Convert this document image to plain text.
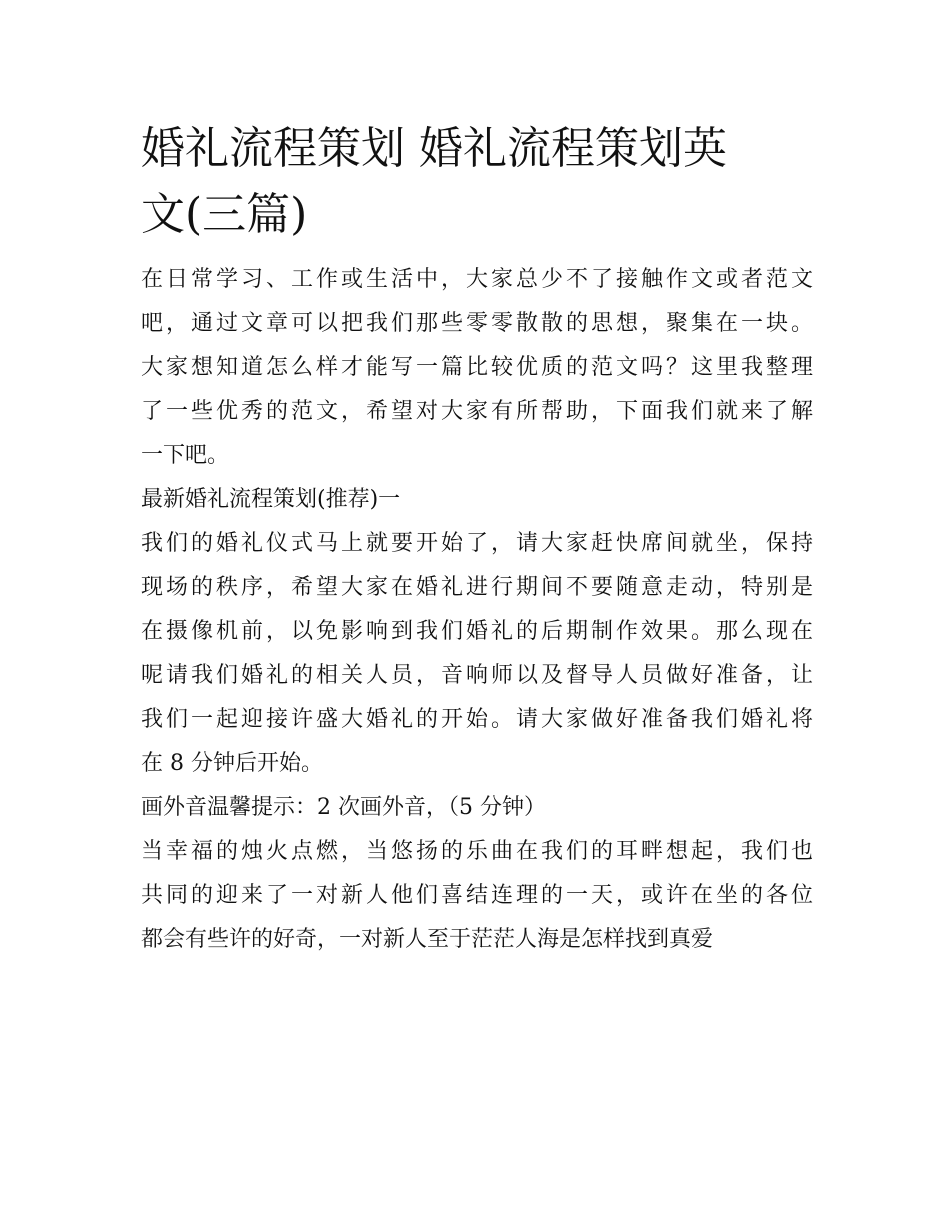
婚礼流程策划 婚礼流程策划英
文(三篇)
在日常学习、工作或生活中，大家总少不了接触作文或者范文
吧，通过文章可以把我们那些零零散散的思想，聚集在一块。
大家想知道怎么样才能写一篇比较优质的范文吗？这里我整理
了一些优秀的范文，希望对大家有所帮助，下面我们就来了解
一下吧。
最新婚礼流程策划(推荐)一
我们的婚礼仪式马上就要开始了，请大家赶快席间就坐，保持
现场的秩序，希望大家在婚礼进行期间不要随意走动，特别是
在摄像机前，以免影响到我们婚礼的后期制作效果。那么现在
呢请我们婚礼的相关人员，音响师以及督导人员做好准备，让
我们一起迎接许盛大婚礼的开始。请大家做好准备我们婚礼将
在 8 分钟后开始。
画外音温馨提示：2 次画外音，（5 分钟）
当幸福的烛火点燃，当悠扬的乐曲在我们的耳畔想起，我们也
共同的迎来了一对新人他们喜结连理的一天，或许在坐的各位
都会有些许的好奇，一对新人至于茫茫人海是怎样找到真爱
